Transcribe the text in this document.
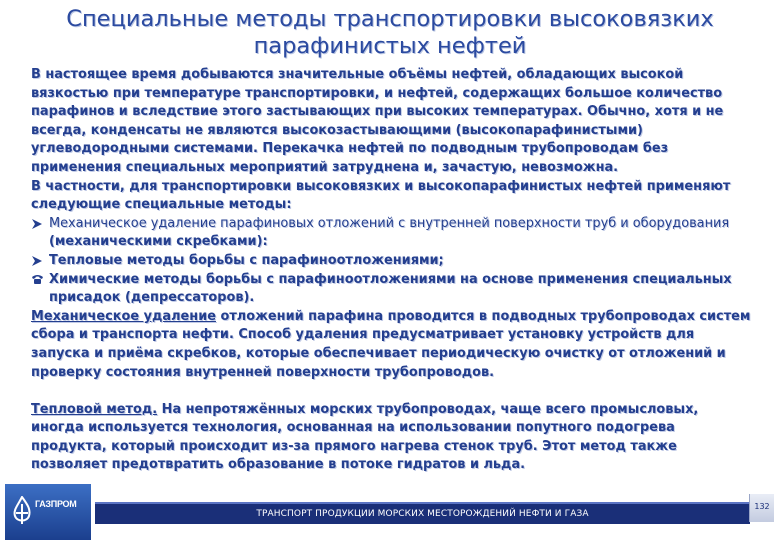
Специальные методы транспортировки высоковязких парафинистых нефтей

В настоящее время добываются значительные объёмы нефтей, обладающих высокой вязкостью при температуре транспортировки, и нефтей, содержащих большое количество парафинов и вследствие этого застывающих при высоких температурах. Обычно, хотя и не всегда, конденсаты не являются высокозастывающими (высокопарафинистыми) углеводородными системами. Перекачка нефтей по подводным трубопроводам без применения специальных мероприятий затруднена и, зачастую, невозможна.

В частности, для транспортировки высоковязких и высокопарафинистых нефтей применяют следующие специальные методы:

Механическое удаление парафиновых отложений с внутренней поверхности труб и оборудования (механическими скребками):
Тепловые методы борьбы с парафиноотложениями;
Химические методы борьбы с парафиноотложениями на основе применения специальных присадок (депрессаторов).

Механическое удаление отложений парафина проводится в подводных трубопроводах систем сбора и транспорта нефти. Способ удаления предусматривает установку устройств для запуска и приёма скребков, которые обеспечивает периодическую очистку от отложений и проверку состояния внутренней поверхности трубопроводов.

Тепловой метод. На непротяжённых морских трубопроводах, чаще всего промысловых, иногда используется технология, основанная на использовании попутного подогрева продукта, который происходит из-за прямого нагрева стенок труб. Этот метод также позволяет предотвратить образование в потоке гидратов и льда.

ГАЗПРОМ
ТРАНСПОРТ ПРОДУКЦИИ МОРСКИХ МЕСТОРОЖДЕНИЙ НЕФТИ И ГАЗА
132
